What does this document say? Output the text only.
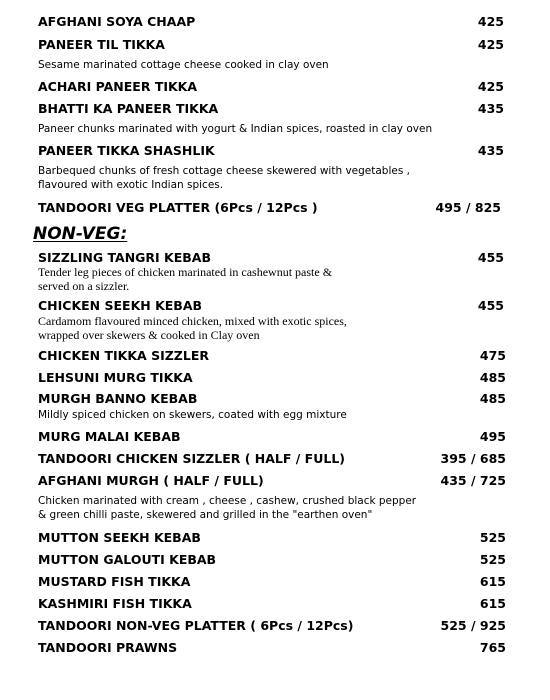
AFGHANI SOYA CHAAP	425
PANEER TIL TIKKA	425
Sesame marinated cottage cheese cooked in clay oven
ACHARI PANEER TIKKA	425
BHATTI KA PANEER TIKKA	435
Paneer chunks marinated with yogurt & Indian spices, roasted in clay oven
PANEER TIKKA SHASHLIK	435
Barbequed chunks of fresh cottage cheese skewered with vegetables ,
flavoured with exotic Indian spices.
TANDOORI VEG PLATTER (6Pcs / 12Pcs )	495 / 825
NON-VEG:
SIZZLING TANGRI KEBAB	455
Tender leg pieces of chicken marinated in cashewnut paste &
served on a sizzler.
CHICKEN SEEKH KEBAB	455
Cardamom flavoured minced chicken, mixed with exotic spices,
wrapped over skewers & cooked in Clay oven
CHICKEN TIKKA SIZZLER	475
LEHSUNI MURG TIKKA	485
MURGH BANNO KEBAB	485
Mildly spiced chicken on skewers, coated with egg mixture
MURG MALAI KEBAB	495
TANDOORI CHICKEN SIZZLER ( HALF / FULL)	395 / 685
AFGHANI MURGH ( HALF / FULL)	435 / 725
Chicken marinated with cream , cheese , cashew, crushed black pepper
& green chilli paste, skewered and grilled in the "earthen oven"
MUTTON SEEKH KEBAB	525
MUTTON GALOUTI KEBAB	525
MUSTARD FISH TIKKA	615
KASHMIRI FISH TIKKA	615
TANDOORI NON-VEG PLATTER ( 6Pcs / 12Pcs)	525 / 925
TANDOORI PRAWNS	765
